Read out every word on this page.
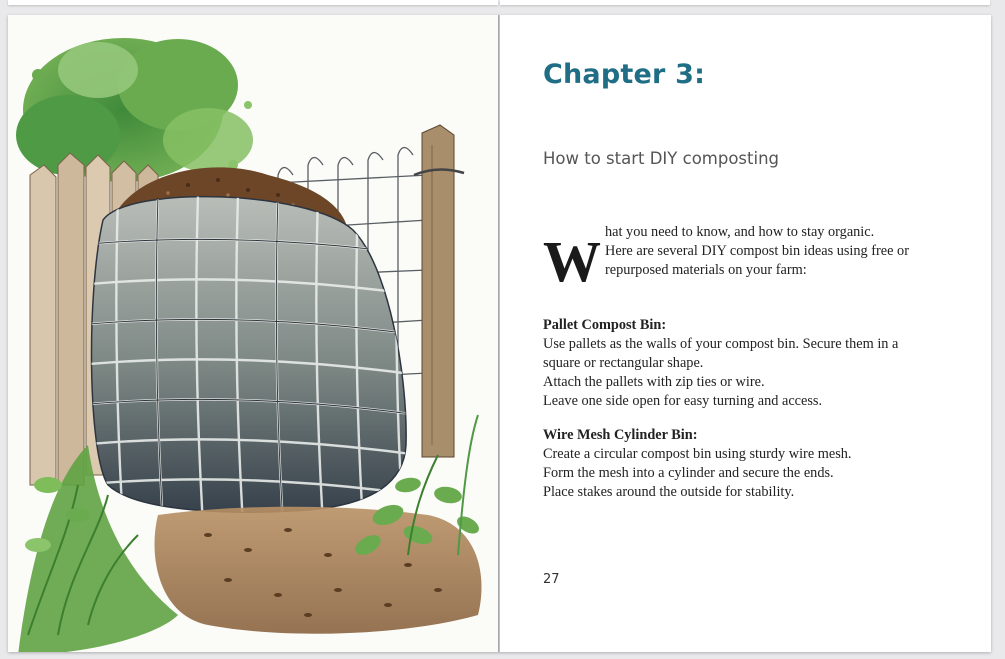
Chapter 3:
How to start DIY composting
W hat you need to know, and how to stay organic.
Here are several DIY compost bin ideas using free or
repurposed materials on your farm:
Pallet Compost Bin:
Use pallets as the walls of your compost bin. Secure them in a
square or rectangular shape.
Attach the pallets with zip ties or wire.
Leave one side open for easy turning and access.
Wire Mesh Cylinder Bin:
Create a circular compost bin using sturdy wire mesh.
Form the mesh into a cylinder and secure the ends.
Place stakes around the outside for stability.
27
